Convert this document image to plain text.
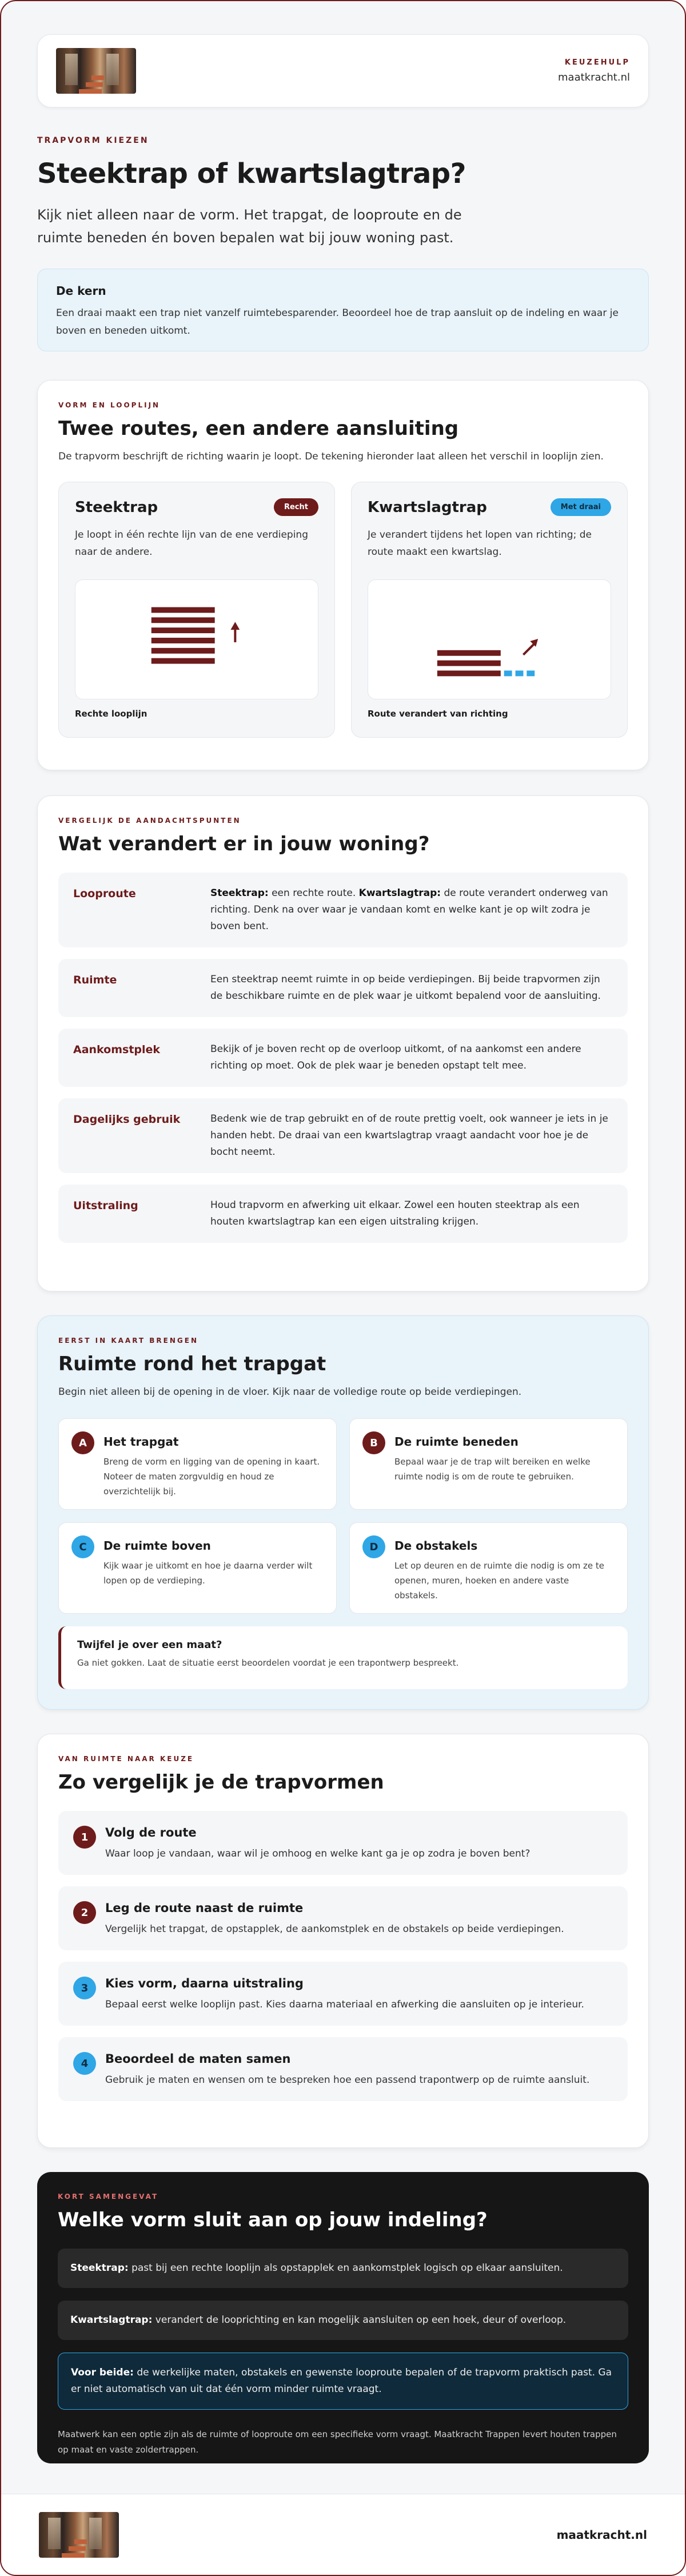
KEUZEHULP
maatkracht.nl
TRAPVORM KIEZEN
Steektrap of kwartslagtrap?

Kijk niet alleen naar de vorm. Het trapgat, de looproute en de ruimte beneden én boven bepalen wat bij jouw woning past.

De kern

Een draai maakt een trap niet vanzelf ruimtebesparender. Beoordeel hoe de trap aansluit op de indeling en waar je boven en beneden uitkomt.

VORM EN LOOPLIJN
Twee routes, een andere aansluiting

De trapvorm beschrijft de richting waarin je loopt. De tekening hieronder laat alleen het verschil in looplijn zien.

Steektrap	Recht

Je loopt in één rechte lijn van de ene verdieping naar de andere.

Rechte looplijn
Kwartslagtrap	Met draai

Je verandert tijdens het lopen van richting; de route maakt een kwartslag.

Route verandert van richting
VERGELIJK DE AANDACHTSPUNTEN
Wat verandert er in jouw woning?
Looproute	Steektrap: een rechte route. Kwartslagtrap: de route verandert onderweg van richting. Denk na over waar je vandaan komt en welke kant je op wilt zodra je boven bent.
Ruimte	Een steektrap neemt ruimte in op beide verdiepingen. Bij beide trapvormen zijn de beschikbare ruimte en de plek waar je uitkomt bepalend voor de aansluiting.
Aankomstplek	Bekijk of je boven recht op de overloop uitkomt, of na aankomst een andere richting op moet. Ook de plek waar je beneden opstapt telt mee.
Dagelijks gebruik	Bedenk wie de trap gebruikt en of de route prettig voelt, ook wanneer je iets in je handen hebt. De draai van een kwartslagtrap vraagt aandacht voor hoe je de bocht neemt.
Uitstraling	Houd trapvorm en afwerking uit elkaar. Zowel een houten steektrap als een houten kwartslagtrap kan een eigen uitstraling krijgen.
EERST IN KAART BRENGEN
Ruimte rond het trapgat

Begin niet alleen bij de opening in de vloer. Kijk naar de volledige route op beide verdiepingen.

A	Het trapgat

Breng de vorm en ligging van de opening in kaart. Noteer de maten zorgvuldig en houd ze overzichtelijk bij.

B	De ruimte beneden

Bepaal waar je de trap wilt bereiken en welke ruimte nodig is om de route te gebruiken.

C	De ruimte boven

Kijk waar je uitkomt en hoe je daarna verder wilt lopen op de verdieping.

D	De obstakels

Let op deuren en de ruimte die nodig is om ze te openen, muren, hoeken en andere vaste obstakels.

Twijfel je over een maat?

Ga niet gokken. Laat de situatie eerst beoordelen voordat je een trapontwerp bespreekt.

VAN RUIMTE NAAR KEUZE
Zo vergelijk je de trapvormen
1	Volg de route

Waar loop je vandaan, waar wil je omhoog en welke kant ga je op zodra je boven bent?

2	Leg de route naast de ruimte

Vergelijk het trapgat, de opstapplek, de aankomstplek en de obstakels op beide verdiepingen.

3	Kies vorm, daarna uitstraling

Bepaal eerst welke looplijn past. Kies daarna materiaal en afwerking die aansluiten op je interieur.

4	Beoordeel de maten samen

Gebruik je maten en wensen om te bespreken hoe een passend trapontwerp op de ruimte aansluit.

KORT SAMENGEVAT
Welke vorm sluit aan op jouw indeling?
Steektrap: past bij een rechte looplijn als opstapplek en aankomstplek logisch op elkaar aansluiten.
Kwartslagtrap: verandert de looprichting en kan mogelijk aansluiten op een hoek, deur of overloop.
Voor beide: de werkelijke maten, obstakels en gewenste looproute bepalen of de trapvorm praktisch past. Ga er niet automatisch van uit dat één vorm minder ruimte vraagt.

Maatwerk kan een optie zijn als de ruimte of looproute om een specifieke vorm vraagt. Maatkracht Trappen levert houten trappen op maat en vaste zoldertrappen.

maatkracht.nl
